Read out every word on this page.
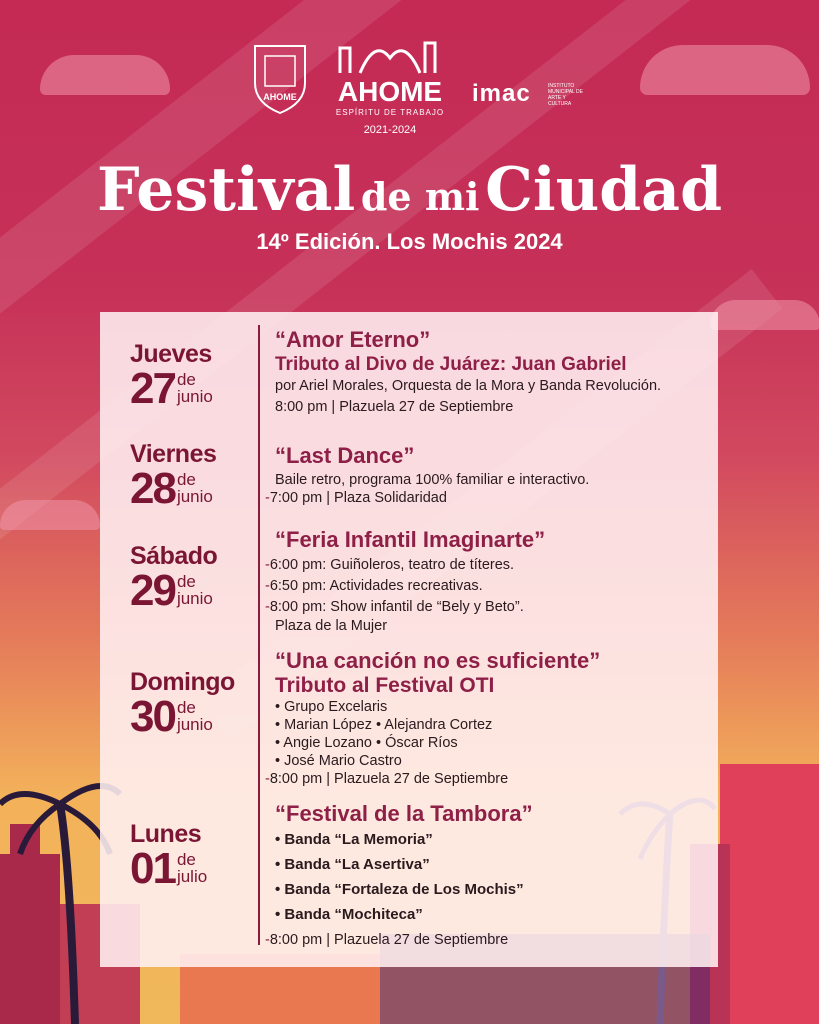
AHOME AHOME
ESPÍRITU DE TRABAJO
2021-2024
imac	INSTITUTO MUNICIPAL DE ARTE Y CULTURA
Festival de mi Ciudad
14º Edición. Los Mochis 2024
Jueves
27 de
junio
“Amor Eterno”
Tributo al Divo de Juárez: Juan Gabriel
por Ariel Morales, Orquesta de la Mora y Banda Revolución.
8:00 pm | Plazuela 27 de Septiembre
Viernes
28 de
junio
“Last Dance”
Baile retro, programa 100% familiar e interactivo.
-7:00 pm | Plaza Solidaridad
Sábado
29 de
junio
“Feria Infantil Imaginarte”
-6:00 pm: Guiñoleros, teatro de títeres.
-6:50 pm: Actividades recreativas.
-8:00 pm: Show infantil de “Bely y Beto”.
Plaza de la Mujer
Domingo
30 de
junio
“Una canción no es suficiente”
Tributo al Festival OTI
• Grupo Excelaris
• Marian López • Alejandra Cortez
• Angie Lozano • Óscar Ríos
• José Mario Castro
-8:00 pm | Plazuela 27 de Septiembre
Lunes
01 de
julio
“Festival de la Tambora”
• Banda “La Memoria”
• Banda “La Asertiva”
• Banda “Fortaleza de Los Mochis”
• Banda “Mochiteca”
-8:00 pm | Plazuela 27 de Septiembre
